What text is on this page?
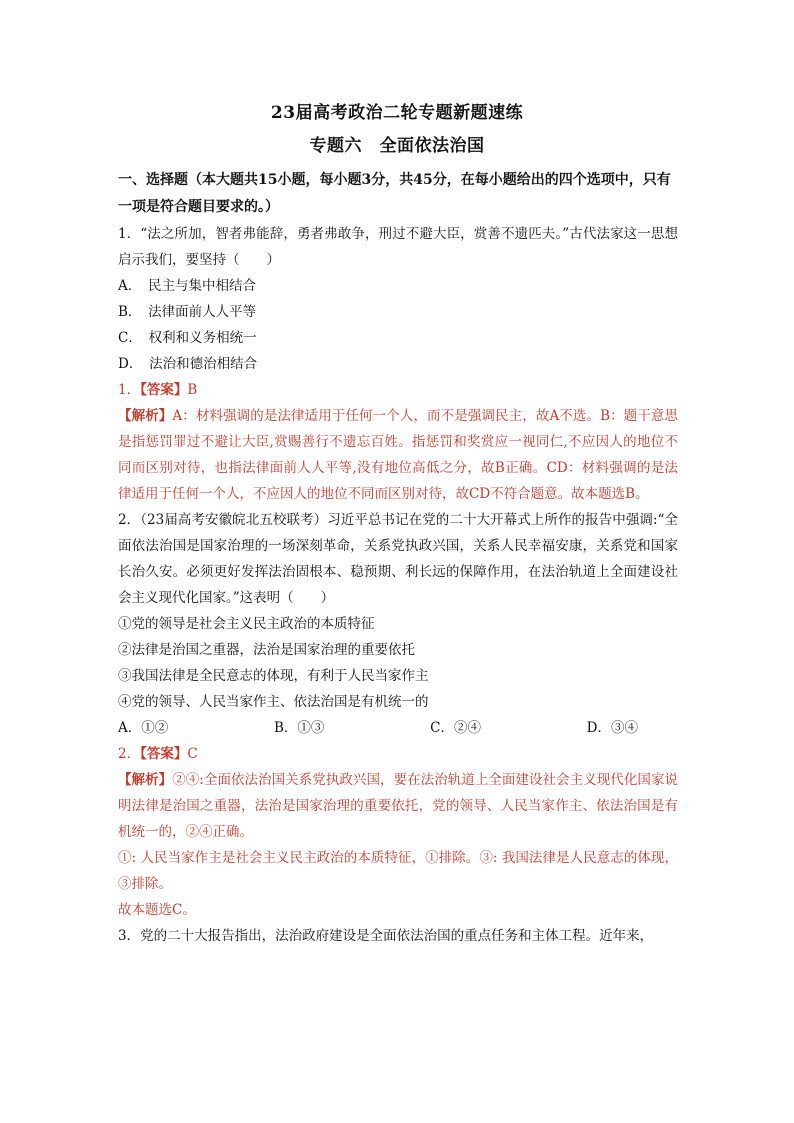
23届高考政治二轮专题新题速练
专题六　全面依法治国

一、选择题（本大题共15小题，每小题3分，共45分，在每小题给出的四个选项中，只有一项是符合题目要求的。）

1．“法之所加，智者弗能辞，勇者弗敢争，刑过不避大臣，赏善不遗匹夫。”古代法家这一思想启示我们，要坚持（　　）

A．　民主与集中相结合

B．　法律面前人人平等

C．　权利和义务相统一

D．　法治和德治相结合

1．【答案】B

【解析】A：材料强调的是法律适用于任何一个人，而不是强调民主，故A不选。B：题干意思是指惩罚罪过不避让大臣,赏赐善行不遗忘百姓。指惩罚和奖赏应一视同仁,不应因人的地位不同而区别对待，也指法律面前人人平等,没有地位高低之分，故B正确。CD：材料强调的是法律适用于任何一个人，不应因人的地位不同而区别对待，故CD不符合题意。故本题选B。

2．（23届高考安徽皖北五校联考）习近平总书记在党的二十大开幕式上所作的报告中强调:“全面依法治国是国家治理的一场深刻革命，关系党执政兴国，关系人民幸福安康，关系党和国家长治久安。必须更好发挥法治固根本、稳预期、利长远的保障作用，在法治轨道上全面建设社会主义现代化国家。”这表明（　　）

①党的领导是社会主义民主政治的本质特征

②法律是治国之重器，法治是国家治理的重要依托

③我国法律是全民意志的体现，有利于人民当家作主

④党的领导、人民当家作主、依法治国是有机统一的

A．①②	B．①③	C．②④	D．③④

2．【答案】C

【解析】②④:全面依法治国关系党执政兴国，要在法治轨道上全面建设社会主义现代化国家说明法律是治国之重器，法治是国家治理的重要依托，党的领导、人民当家作主、依法治国是有机统一的，②④正确。

①: 人民当家作主是社会主义民主政治的本质特征，①排除。③: 我国法律是人民意志的体现，③排除。

故本题选C。

3．党的二十大报告指出，法治政府建设是全面依法治国的重点任务和主体工程。近年来，
